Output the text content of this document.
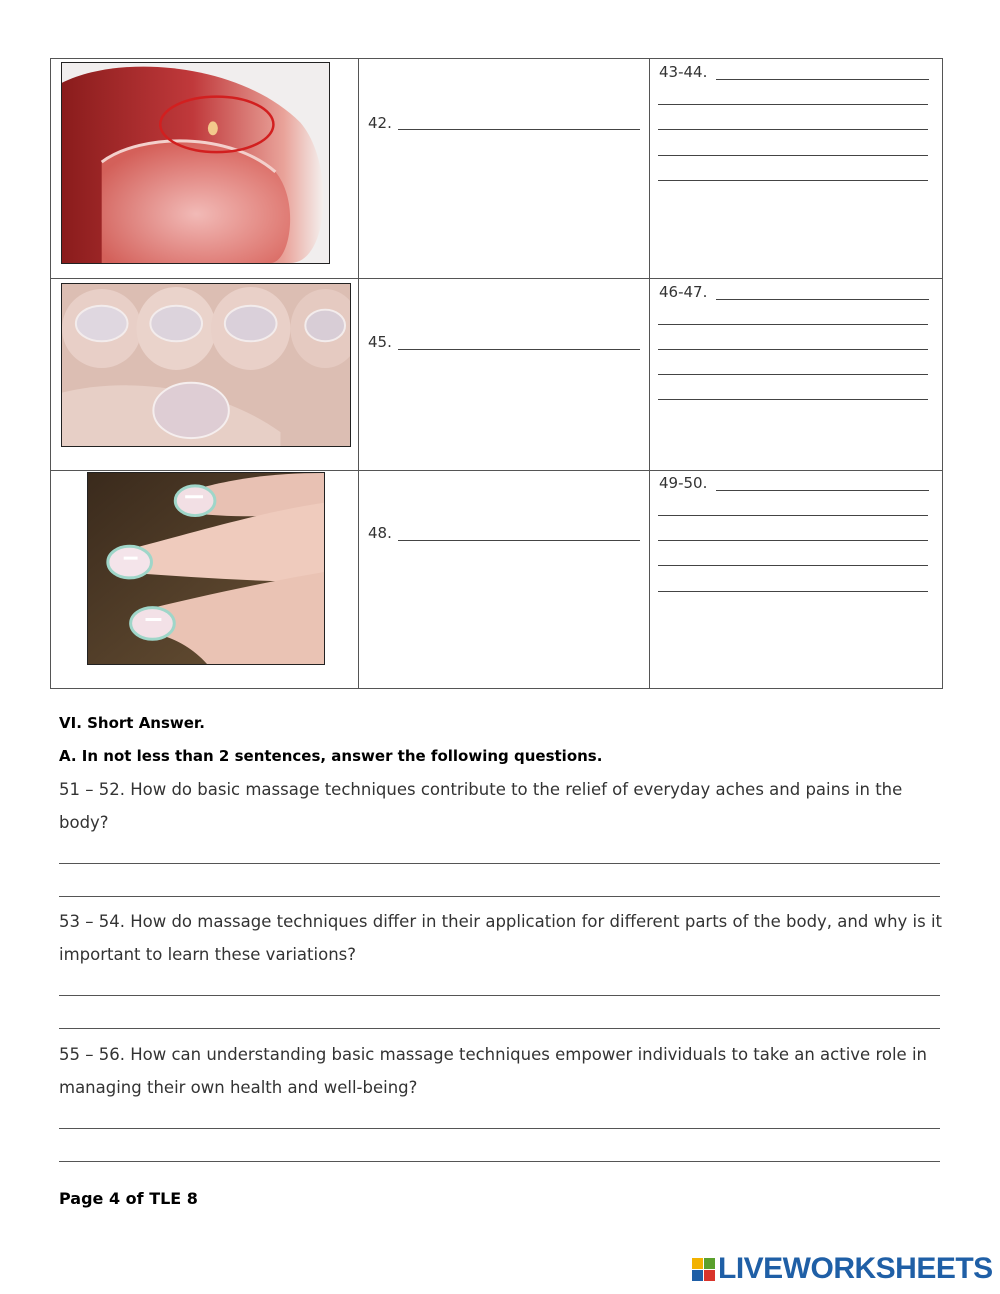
42.
43-44.
45.
46-47.
48.
49-50.
VI. Short Answer.
A. In not less than 2 sentences, answer the following questions.
51 – 52. How do basic massage techniques contribute to the relief of everyday aches and pains in the body?
53 – 54. How do massage techniques differ in their application for different parts of the body, and why is it important to learn these variations?
55 – 56. How can understanding basic massage techniques empower individuals to take an active role in managing their own health and well-being?
Page 4 of TLE 8
LIVEWORKSHEETS
